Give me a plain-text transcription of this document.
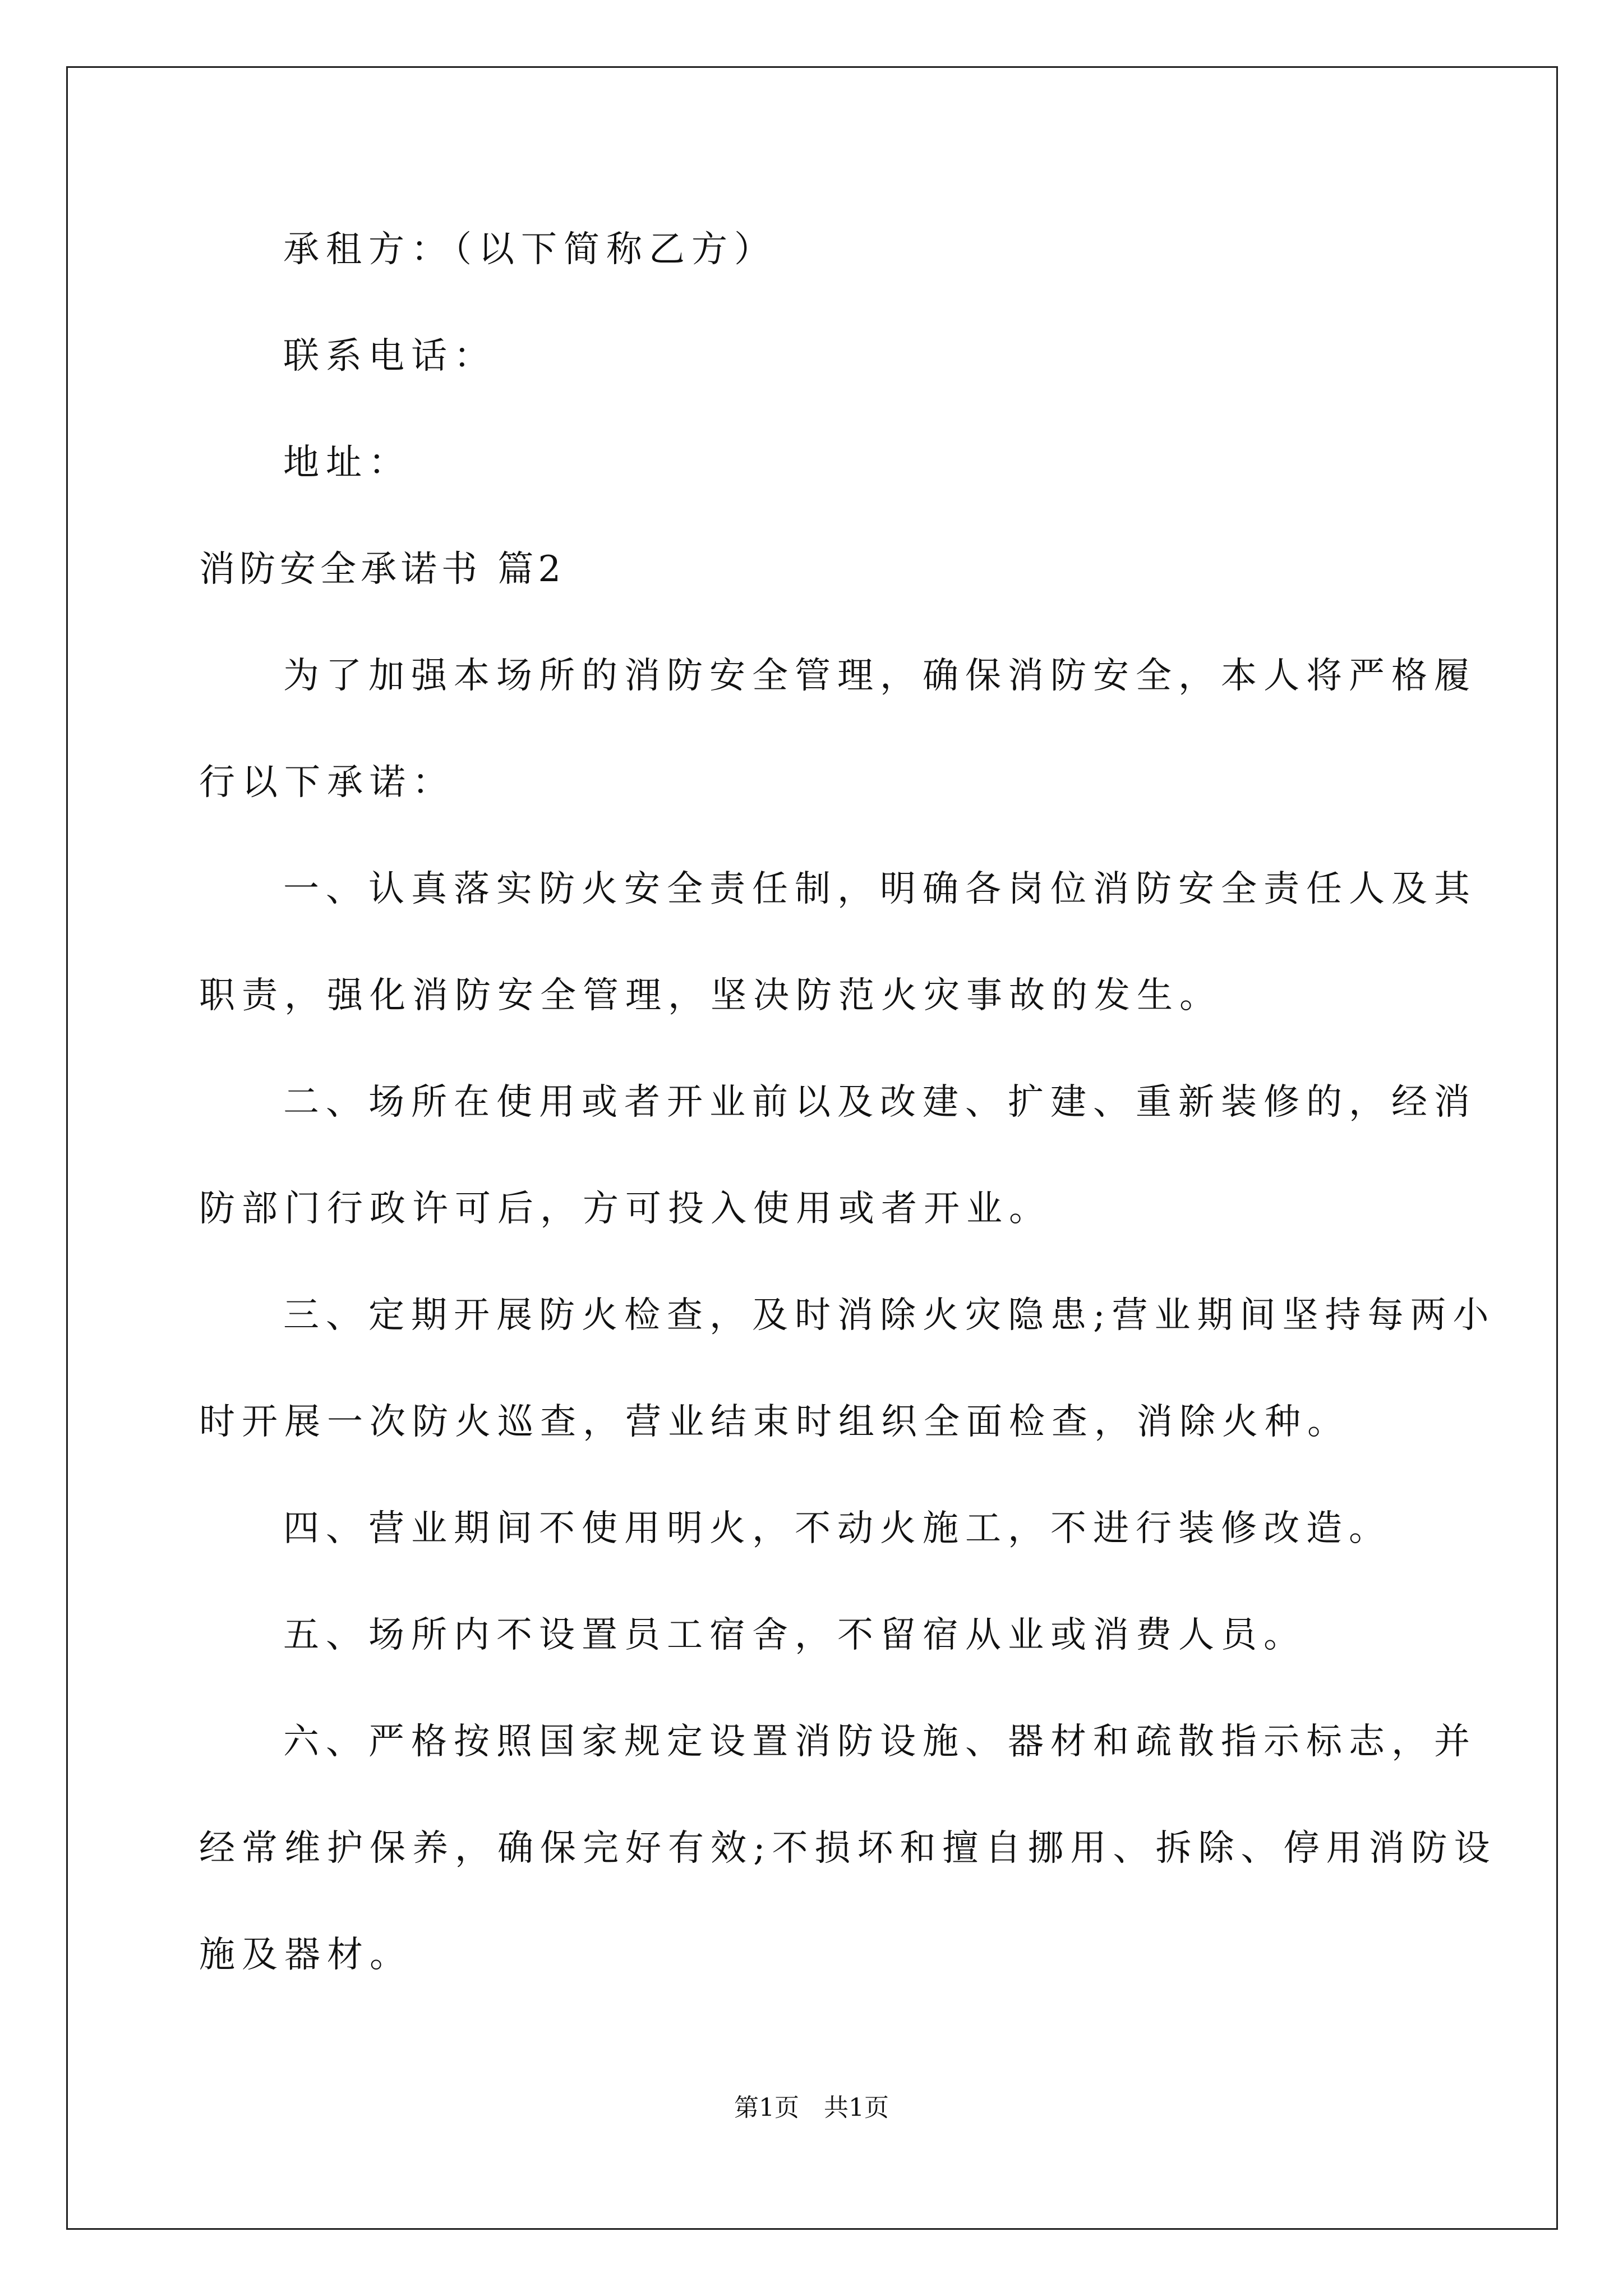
承租方：（以下简称乙方）
联系电话：
地址：
消防安全承诺书 篇2
为了加强本场所的消防安全管理，确保消防安全，本人将严格履
行以下承诺：
一、认真落实防火安全责任制，明确各岗位消防安全责任人及其
职责，强化消防安全管理，坚决防范火灾事故的发生。
二、场所在使用或者开业前以及改建、扩建、重新装修的，经消
防部门行政许可后，方可投入使用或者开业。
三、定期开展防火检查，及时消除火灾隐患;营业期间坚持每两小
时开展一次防火巡查，营业结束时组织全面检查，消除火种。
四、营业期间不使用明火，不动火施工，不进行装修改造。
五、场所内不设置员工宿舍，不留宿从业或消费人员。
六、严格按照国家规定设置消防设施、器材和疏散指示标志，并
经常维护保养，确保完好有效;不损坏和擅自挪用、拆除、停用消防设
施及器材。
第1页　共1页
